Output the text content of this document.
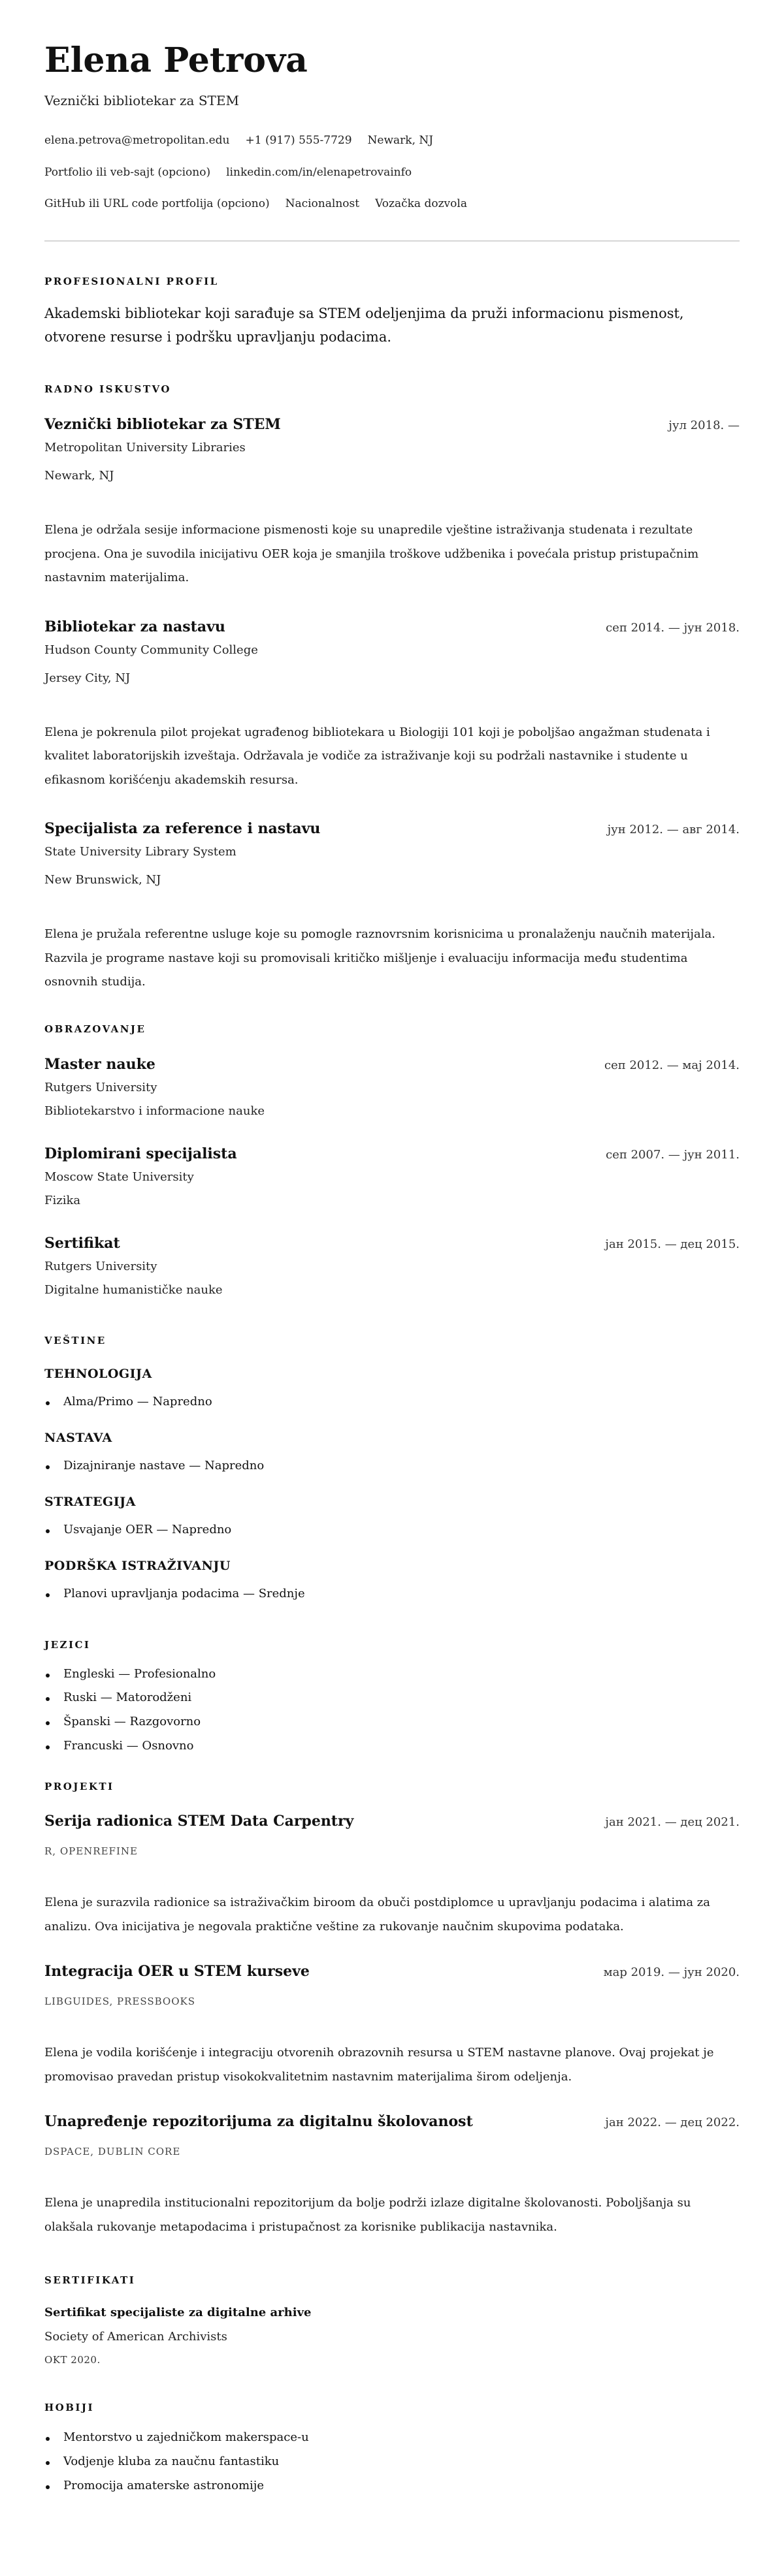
Elena Petrova
Veznički bibliotekar za STEM
elena.petrova@metropolitan.edu +1 (917) 555-7729 Newark, NJ
Portfolio ili veb-sajt (opciono) linkedin.com/in/elenapetrovainfo
GitHub ili URL code portfolija (opciono) Nacionalnost Vozačka dozvola
PROFESIONALNI PROFIL
Akademski bibliotekar koji sarađuje sa STEM odeljenjima da pruži informacionu pismenost, otvorene resurse i podršku upravljanju podacima.
RADNO ISKUSTVO
Veznički bibliotekar za STEM	јул 2018. —
Metropolitan University Libraries
Newark, NJ
Elena je održala sesije informacione pismenosti koje su unapredile vještine istraživanja studenata i rezultate procjena. Ona je suvodila inicijativu OER koja je smanjila troškove udžbenika i povećala pristup pristupačnim nastavnim materijalima.
Bibliotekar za nastavu	сеп 2014. — јун 2018.
Hudson County Community College
Jersey City, NJ
Elena je pokrenula pilot projekat ugrađenog bibliotekara u Biologiji 101 koji je poboljšao angažman studenata i kvalitet laboratorijskih izveštaja. Održavala je vodiče za istraživanje koji su podržali nastavnike i studente u efikasnom korišćenju akademskih resursa.
Specijalista za reference i nastavu	јун 2012. — авг 2014.
State University Library System
New Brunswick, NJ
Elena je pružala referentne usluge koje su pomogle raznovrsnim korisnicima u pronalaženju naučnih materijala. Razvila je programe nastave koji su promovisali kritičko mišljenje i evaluaciju informacija među studentima osnovnih studija.
OBRAZOVANJE
Master nauke	сеп 2012. — мај 2014.
Rutgers University
Bibliotekarstvo i informacione nauke
Diplomirani specijalista	сеп 2007. — јун 2011.
Moscow State University
Fizika
Sertifikat	јан 2015. — дец 2015.
Rutgers University
Digitalne humanističke nauke
VEŠTINE
TEHNOLOGIJA
Alma/Primo — Napredno
NASTAVA
Dizajniranje nastave — Napredno
STRATEGIJA
Usvajanje OER — Napredno
PODRŠKA ISTRAŽIVANJU
Planovi upravljanja podacima — Srednje
JEZICI
Engleski — Profesionalno
Ruski — Matorodženi
Španski — Razgovorno
Francuski — Osnovno
PROJEKTI
Serija radionica STEM Data Carpentry	јан 2021. — дец 2021.
R, OPENREFINE
Elena je surazvila radionice sa istraživačkim biroom da obuči postdiplomce u upravljanju podacima i alatima za analizu. Ova inicijativa je negovala praktične veštine za rukovanje naučnim skupovima podataka.
Integracija OER u STEM kurseve	мар 2019. — јун 2020.
LIBGUIDES, PRESSBOOKS
Elena je vodila korišćenje i integraciju otvorenih obrazovnih resursa u STEM nastavne planove. Ovaj projekat je promovisao pravedan pristup visokokvalitetnim nastavnim materijalima širom odeljenja.
Unapređenje repozitorijuma za digitalnu školovanost	јан 2022. — дец 2022.
DSPACE, DUBLIN CORE
Elena je unapredila institucionalni repozitorijum da bolje podrži izlaze digitalne školovanosti. Poboljšanja su olakšala rukovanje metapodacima i pristupačnost za korisnike publikacija nastavnika.
SERTIFIKATI
Sertifikat specijaliste za digitalne arhive
Society of American Archivists
OKT 2020.
HOBIJI
Mentorstvo u zajedničkom makerspace-u
Vodjenje kluba za naučnu fantastiku
Promocija amaterske astronomije
